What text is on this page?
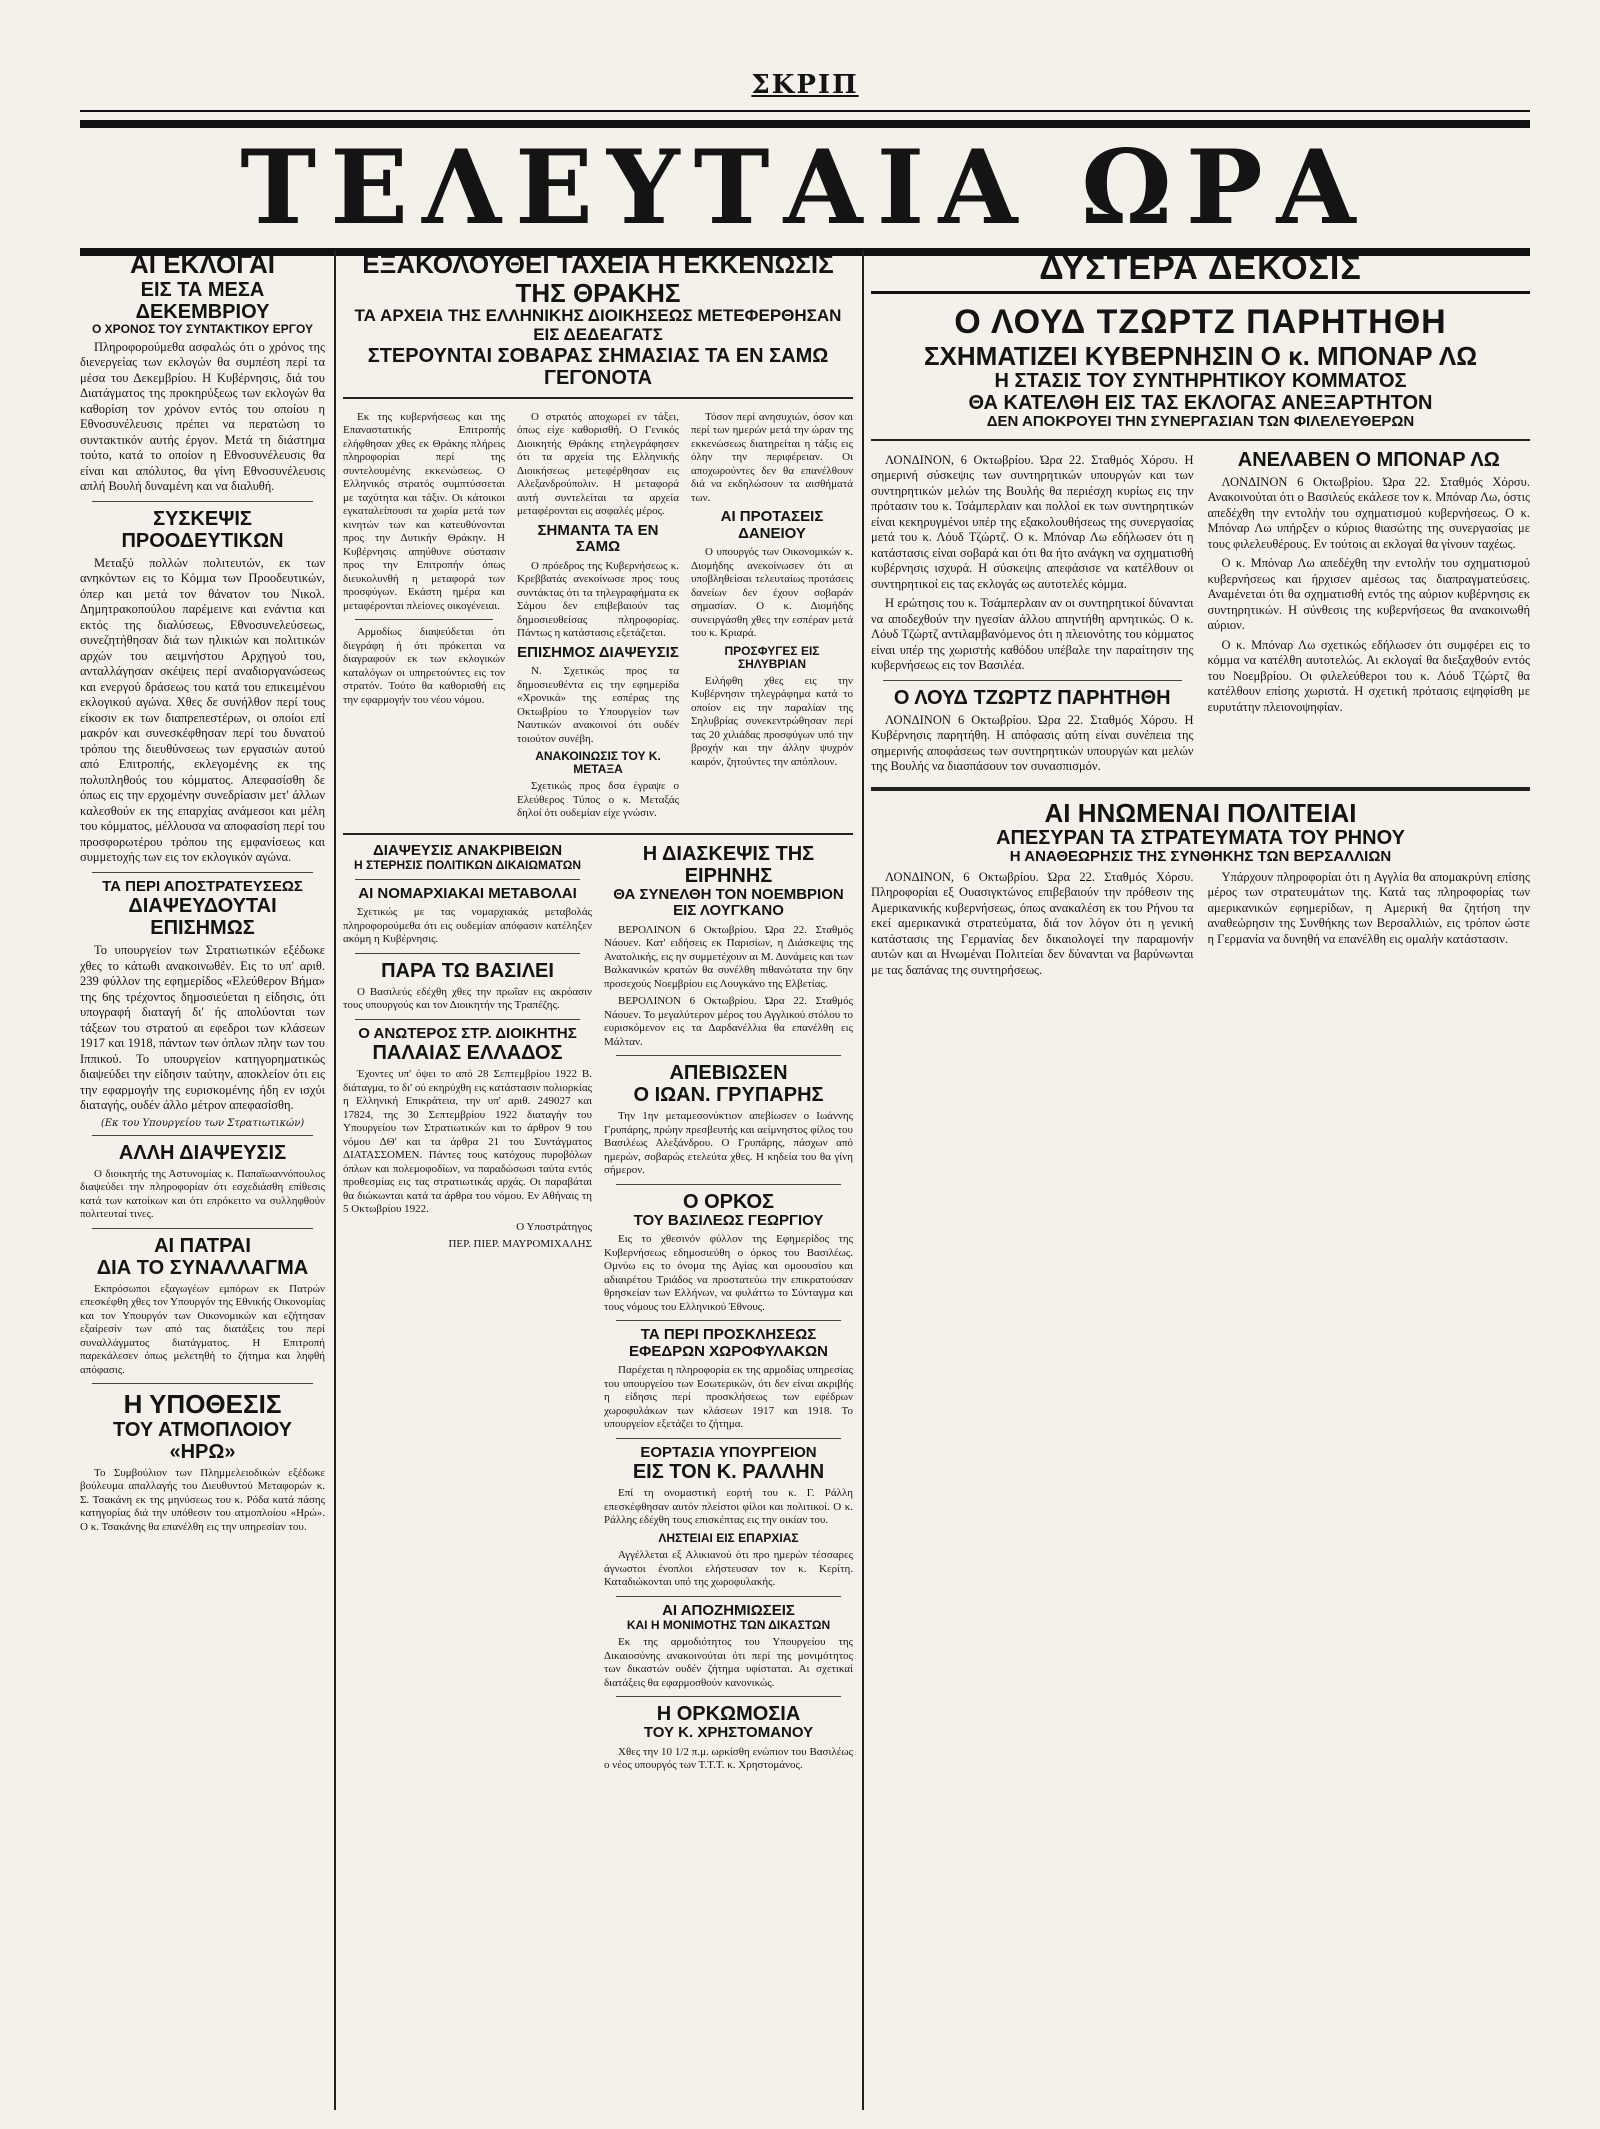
ΣΚΡΙΠ
ΤΕΛΕΥΤΑΙΑ ΩΡΑ
ΑΙ ΕΚΛΟΓΑΙ
ΕΙΣ ΤΑ ΜΕΣΑ ΔΕΚΕΜΒΡΙΟΥ
Ο ΧΡΟΝΟΣ ΤΟΥ ΣΥΝΤΑΚΤΙΚΟΥ ΕΡΓΟΥ

Πληροφορούμεθα ασφαλώς ότι ο χρόνος της διενεργείας των εκλογών θα συμπέση περί τα μέσα του Δεκεμβρίου. Η Κυβέρνησις, διά του Διατάγματος της προκηρύξεως των εκλογών θα καθορίση τον χρόνον εντός του οποίου η Εθνοσυνέλευσις πρέπει να περατώση το συντακτικόν αυτής έργον. Μετά τη διάστημα τούτο, κατά το οποίον η Εθνοσυνέλευσις θα είναι και απόλυτος, θα γίνη Εθνοσυνέλευσις απλή Βουλή δυναμένη και να διαλυθή.

ΣΥΣΚΕΨΙΣ ΠΡΟΟΔΕΥΤΙΚΩΝ

Μεταξύ πολλών πολιτευτών, εκ των ανηκόντων εις το Κόμμα των Προοδευτικών, όπερ και μετά τον θάνατον του Νικολ. Δημητρακοπούλου παρέμεινε και ενάντια και εκτός της διαλύσεως, Εθνοσυνελεύσεως, συνεζητήθησαν διά των ηλικιών και πολιτικών αρχών του αειμνήστου Αρχηγού του, ανταλλάγησαν σκέψεις περί αναδιοργανώσεως και ενεργού δράσεως του κατά του επικειμένου εκλογικού αγώνα. Χθες δε συνήλθον περί τους είκοσιν εκ των διαπρεπεστέρων, οι οποίοι επί μακρόν και συνεσκέφθησαν περί του δυνατού τρόπου της διευθύνσεως των εργασιών αυτού από Επιτροπής, εκλεγομένης εκ της πολυπληθούς του κόμματος. Απεφασίσθη δε όπως εις την ερχομένην συνεδρίασιν μετ' άλλων καλεσθούν εκ της επαρχίας ανάμεσοι και μέλη του κόμματος, μέλλουσα να αποφασίση περί του προσφορωτέρου τρόπου της εμφανίσεως και συμμετοχής των εις τον εκλογικόν αγώνα.

ΤΑ ΠΕΡΙ ΑΠΟΣΤΡΑΤΕΥΣΕΩΣ
ΔΙΑΨΕΥΔΟΥΤΑΙ ΕΠΙΣΗΜΩΣ

Το υπουργείον των Στρατιωτικών εξέδωκε χθες το κάτωθι ανακοινωθέν. Εις το υπ' αριθ. 239 φύλλον της εφημερίδος «Ελεύθερον Βήμα» της 6ης τρέχοντος δημοσιεύεται η είδησις, ότι υπογραφή διαταγή δι' ής απολύονται των τάξεων του στρατού αι εφεδροι των κλάσεων 1917 και 1918, πάντων των όπλων πλην των του Ιππικού. Το υπουργείον κατηγορηματικώς διαψεύδει την είδησιν ταύτην, αποκλείον ότι εις την εφαρμογήν της ευρισκομένης ήδη εν ισχύι διαταγής, ουδέν άλλο μέτρον απεφασίσθη.

(Εκ του Υπουργείου των Στρατιωτικών)

ΑΛΛΗ ΔΙΑΨΕΥΣΙΣ

Ο διοικητής της Αστυνομίας κ. Παπαϊωαννόπουλος διαψεύδει την πληροφορίαν ότι εσχεδιάσθη επίθεσις κατά των κατοίκων και ότι επρόκειτο να συλληφθούν πολιτευταί τινες.

ΑΙ ΠΑΤΡΑΙ
ΔΙΑ ΤΟ ΣΥΝΑΛΛΑΓΜΑ

Εκπρόσωποι εξαγωγέων εμπόρων εκ Πατρών επεσκέφθη χθες τον Υπουργόν της Εθνικής Οικονομίας και τον Υπουργόν των Οικονομικών και εζήτησαν εξαίρεσίν των από τας διατάξεις του περί συναλλάγματος διατάγματος. Η Επιτροπή παρεκάλεσεν όπως μελετηθή το ζήτημα και ληφθή απόφασις.

Η ΥΠΟΘΕΣΙΣ
ΤΟΥ ΑΤΜΟΠΛΟΙΟΥ «ΗΡΩ»

Το Συμβούλιον των Πλημμελειοδικών εξέδωκε βούλευμα απαλλαγής του Διευθυντού Μεταφορών κ. Σ. Τσακάνη εκ της μηνύσεως του κ. Ρόδα κατά πάσης κατηγορίας διά την υπόθεσιν του ατμοπλοίου «Ηρώ». Ο κ. Τσακάνης θα επανέλθη εις την υπηρεσίαν του.

ΕΞΑΚΟΛΟΥΘΕΙ ΤΑΧΕΙΑ Η ΕΚΚΕΝΩΣΙΣ ΤΗΣ ΘΡΑΚΗΣ
ΤΑ ΑΡΧΕΙΑ ΤΗΣ ΕΛΛΗΝΙΚΗΣ ΔΙΟΙΚΗΣΕΩΣ ΜΕΤΕΦΕΡΘΗΣΑΝ ΕΙΣ ΔΕΔΕΑΓΑΤΣ
ΣΤΕΡΟΥΝΤΑΙ ΣΟΒΑΡΑΣ ΣΗΜΑΣΙΑΣ ΤΑ ΕΝ ΣΑΜΩ ΓΕΓΟΝΟΤΑ

Εκ της κυβερνήσεως και της Επαναστατικής Επιτροπής ελήφθησαν χθες εκ Θράκης πλήρεις πληροφορίαι περί της συντελουμένης εκκενώσεως. Ο Ελληνικός στρατός συμπτύσσεται με ταχύτητα και τάξιν. Οι κάτοικοι εγκαταλείπουσι τα χωρία μετά των κινητών των και κατευθύνονται προς την Δυτικήν Θράκην. Η Κυβέρνησις απηύθυνε σύστασιν προς την Επιτροπήν όπως διευκολυνθή η μεταφορά των προσφύγων. Εκάστη ημέρα και μεταφέρονται πλείονες οικογένειαι.

Αρμοδίως διαψεύδεται ότι διεγράφη ή ότι πρόκειται να διαγραφούν εκ των εκλογικών καταλόγων οι υπηρετούντες εις τον στρατόν. Τούτο θα καθορισθή εις την εφαρμογήν του νέου νόμου.

Ο στρατός αποχωρεί εν τάξει, όπως είχε καθορισθή. Ο Γενικός Διοικητής Θράκης ετηλεγράφησεν ότι τα αρχεία της Ελληνικής Διοικήσεως μετεφέρθησαν εις Αλεξανδρούπολιν. Η μεταφορά αυτή συντελείται τα αρχεία μεταφέρονται εις ασφαλές μέρος.

ΣΗΜΑΝΤΑ ΤΑ ΕΝ ΣΑΜΩ

Ο πρόεδρος της Κυβερνήσεως κ. Κρεββατάς ανεκοίνωσε προς τους συντάκτας ότι τα τηλεγραφήματα εκ Σάμου δεν επιβεβαιούν τας δημοσιευθείσας πληροφορίας. Πάντως η κατάστασις εξετάζεται.

ΕΠΙΣΗΜΟΣ ΔΙΑΨΕΥΣΙΣ

Ν. Σχετικώς προς τα δημοσιευθέντα εις την εφημερίδα «Χρονικά» της εσπέρας της Οκτωβρίου το Υπουργείον των Ναυτικών ανακοινοί ότι ουδέν τοιούτον συνέβη.

ΑΝΑΚΟΙΝΩΣΙΣ ΤΟΥ Κ. ΜΕΤΑΞΑ

Σχετικώς προς δσα έγραψε ο Ελεύθερος Τύπος ο κ. Μεταξάς δηλοί ότι ουδεμίαν είχε γνώσιν.

Τόσον περί ανησυχιών, όσον και περί των ημερών μετά την ώραν της εκκενώσεως διατηρείται η τάξις εις όλην την περιφέρειαν. Οι αποχωρούντες δεν θα επανέλθουν διά να εκδηλώσουν τα αισθήματά των.

ΑΙ ΠΡΟΤΑΣΕΙΣ ΔΑΝΕΙΟΥ

Ο υπουργός των Οικονομικών κ. Διομήδης ανεκοίνωσεν ότι αι υποβληθείσαι τελευταίως προτάσεις δανείων δεν έχουν σοβαράν σημασίαν. Ο κ. Διομήδης συνειργάσθη χθες την εσπέραν μετά του κ. Κριαρά.

ΠΡΟΣΦΥΓΕΣ ΕΙΣ ΣΗΛΥΒΡΙΑΝ

Ειλήφθη χθες εις την Κυβέρνησιν τηλεγράφημα κατά το οποίον εις την παραλίαν της Σηλυβρίας συνεκεντρώθησαν περί τας 20 χιλιάδας προσφύγων υπό την βροχήν και την άλλην ψυχρόν καιρόν, ζητούντες την απόπλουν.

ΔΙΑΨΕΥΣΙΣ ΑΝΑΚΡΙΒΕΙΩΝ
Η ΣΤΕΡΗΣΙΣ ΠΟΛΙΤΙΚΩΝ ΔΙΚΑΙΩΜΑΤΩΝ
ΑΙ ΝΟΜΑΡΧΙΑΚΑΙ ΜΕΤΑΒΟΛΑΙ

Σχετικώς με τας νομαρχιακάς μεταβολάς πληροφορούμεθα ότι εις ουδεμίαν απόφασιν κατέληξεν ακόμη η Κυβέρνησις.

ΠΑΡΑ ΤΩ ΒΑΣΙΛΕΙ

Ο Βασιλεύς εδέχθη χθες την πρωΐαν εις ακρόασιν τους υπουργούς και τον Διοικητήν της Τραπέζης.

Ο ΑΝΩΤΕΡΟΣ ΣΤΡ. ΔΙΟΙΚΗΤΗΣ
ΠΑΛΑΙΑΣ ΕΛΛΑΔΟΣ

Έχοντες υπ' όψει το από 28 Σεπτεμβρίου 1922 Β. διάταγμα, το δι' ού εκηρύχθη εις κατάστασιν πολιορκίας η Ελληνική Επικράτεια, την υπ' αριθ. 249027 και 17824, της 30 Σεπτεμβρίου 1922 διαταγήν του Υπουργείου των Στρατιωτικών και το άρθρον 9 του νόμου ΔΘ' και τα άρθρα 21 του Συντάγματος ΔΙΑΤΑΣΣΟΜΕΝ. Πάντες τους κατόχους πυροβόλων όπλων και πολεμοφοδίων, να παραδώσωσι ταύτα εντός προθεσμίας εις τας στρατιωτικάς αρχάς. Οι παραβάται θα διώκωνται κατά τα άρθρα του νόμου. Εν Αθήναις τη 5 Οκτωβρίου 1922.

Ο Υποστράτηγος

ΠΕΡ. ΠΙΕΡ. ΜΑΥΡΟΜΙΧΑΛΗΣ

Η ΔΙΑΣΚΕΨΙΣ ΤΗΣ ΕΙΡΗΝΗΣ
ΘΑ ΣΥΝΕΛΘΗ ΤΟΝ ΝΟΕΜΒΡΙΟΝ ΕΙΣ ΛΟΥΓΚΑΝΟ

ΒΕΡΟΛΙΝΟΝ 6 Οκτωβρίου. Ώρα 22. Σταθμός Νάουεν. Κατ' ειδήσεις εκ Παρισίων, η Διάσκεψις της Ανατολικής, εις ην συμμετέχουν αι Μ. Δυνάμεις και των Βαλκανικών κρατών θα συνέλθη πιθανώτατα την 6ην προσεχούς Νοεμβρίου εις Λουγκάνο της Ελβετίας.

ΒΕΡΟΛΙΝΟΝ 6 Οκτωβρίου. Ώρα 22. Σταθμός Νάουεν. Το μεγαλύτερον μέρος του Αγγλικού στόλου το ευρισκόμενον εις τα Δαρδανέλλια θα επανέλθη εις Μάλταν.

ΑΠΕΒΙΩΣΕΝ
Ο ΙΩΑΝ. ΓΡΥΠΑΡΗΣ

Την 1ην μεταμεσονύκτιον απεβίωσεν ο Ιωάννης Γρυπάρης, πρώην πρεσβευτής και αείμνηστος φίλος του Βασιλέως Αλεξάνδρου. Ο Γρυπάρης, πάσχων από ημερών, σοβαρώς ετελεύτα χθες. Η κηδεία του θα γίνη σήμερον.

Ο ΟΡΚΟΣ
ΤΟΥ ΒΑΣΙΛΕΩΣ ΓΕΩΡΓΙΟΥ

Εις το χθεσινόν φύλλον της Εφημερίδος της Κυβερνήσεως εδημοσιεύθη ο όρκος του Βασιλέως. Ομνύω εις το όνομα της Αγίας και ομοουσίου και αδιαιρέτου Τριάδος να προστατεύω την επικρατούσαν θρησκείαν των Ελλήνων, να φυλάττω το Σύνταγμα και τους νόμους του Ελληνικού Έθνους.

ΤΑ ΠΕΡΙ ΠΡΟΣΚΛΗΣΕΩΣ
ΕΦΕΔΡΩΝ ΧΩΡΟΦΥΛΑΚΩΝ

Παρέχεται η πληροφορία εκ της αρμοδίας υπηρεσίας του υπουργείου των Εσωτερικών, ότι δεν είναι ακριβής η είδησις περί προσκλήσεως των εφέδρων χωροφυλάκων των κλάσεων 1917 και 1918. Το υπουργείον εξετάζει το ζήτημα.

ΕΟΡΤΑΣΙΑ ΥΠΟΥΡΓΕΙΟΝ
ΕΙΣ ΤΟΝ Κ. ΡΑΛΛΗΝ

Επί τη ονομαστική εορτή του κ. Γ. Ράλλη επεσκέφθησαν αυτόν πλείστοι φίλοι και πολιτικοί. Ο κ. Ράλλης εδέχθη τους επισκέπτας εις την οικίαν του.

ΛΗΣΤΕΙΑΙ ΕΙΣ ΕΠΑΡΧΙΑΣ

Αγγέλλεται εξ Αλικιανού ότι προ ημερών τέσσαρες άγνωστοι ένοπλοι ελήστευσαν τον κ. Κερίτη. Καταδιώκονται υπό της χωροφυλακής.

ΑΙ ΑΠΟΖΗΜΙΩΣΕΙΣ
ΚΑΙ Η ΜΟΝΙΜΟΤΗΣ ΤΩΝ ΔΙΚΑΣΤΩΝ

Εκ της αρμοδιότητος του Υπουργείου της Δικαιοσύνης ανακοινούται ότι περί της μονιμότητος των δικαστών ουδέν ζήτημα υφίσταται. Αι σχετικαί διατάξεις θα εφαρμοσθούν κανονικώς.

Η ΟΡΚΩΜΟΣΙΑ
ΤΟΥ Κ. ΧΡΗΣΤΟΜΑΝΟΥ

Χθες την 10 1/2 π.μ. ωρκίσθη ενώπιον του Βασιλέως ο νέος υπουργός των Τ.Τ.Τ. κ. Χρηστομάνος.

ΔΥΣΤΕΡΑ ΔΕΚΟΣΙΣ
Ο ΛΟΥΔ ΤΖΩΡΤΖ ΠΑΡΗΤΗΘΗ
ΣΧΗΜΑΤΙΖΕΙ ΚΥΒΕΡΝΗΣΙΝ Ο κ. ΜΠΟΝΑΡ ΛΩ
Η ΣΤΑΣΙΣ ΤΟΥ ΣΥΝΤΗΡΗΤΙΚΟΥ ΚΟΜΜΑΤΟΣ
ΘΑ ΚΑΤΕΛΘΗ ΕΙΣ ΤΑΣ ΕΚΛΟΓΑΣ ΑΝΕΞΑΡΤΗΤΟΝ
ΔΕΝ ΑΠΟΚΡΟΥΕΙ ΤΗΝ ΣΥΝΕΡΓΑΣΙΑΝ ΤΩΝ ΦΙΛΕΛΕΥΘΕΡΩΝ

ΛΟΝΔΙΝΟΝ, 6 Οκτωβρίου. Ώρα 22. Σταθμός Χόρσυ. Η σημερινή σύσκεψις των συντηρητικών υπουργών και των συντηρητικών μελών της Βουλής θα περιέσχη κυρίως εις την πρότασιν του κ. Τσάμπερλαιν και πολλοί εκ των συντηρητικών είναι κεκηρυγμένοι υπέρ της εξακολουθήσεως της συνεργασίας μετά του κ. Λόυδ Τζώρτζ. Ο κ. Μπόναρ Λω εδήλωσεν ότι η κατάστασις είναι σοβαρά και ότι θα ήτο ανάγκη να σχηματισθή κυβέρνησις ισχυρά. Η σύσκεψις απεφάσισε να κατέλθουν οι συντηρητικοί εις τας εκλογάς ως αυτοτελές κόμμα.

Η ερώτησις του κ. Τσάμπερλαιν αν οι συντηρητικοί δύνανται να αποδεχθούν την ηγεσίαν άλλου απηντήθη αρνητικώς. Ο κ. Λόυδ Τζώρτζ αντιλαμβανόμενος ότι η πλειονότης του κόμματος είναι υπέρ της χωριστής καθόδου υπέβαλε την παραίτησιν της κυβερνήσεως εις τον Βασιλέα.

Ο ΛΟΥΔ ΤΖΩΡΤΖ ΠΑΡΗΤΗΘΗ

ΛΟΝΔΙΝΟΝ 6 Οκτωβρίου. Ώρα 22. Σταθμός Χόρσυ. Η Κυβέρνησις παρητήθη. Η απόφασις αύτη είναι συνέπεια της σημερινής αποφάσεως των συντηρητικών υπουργών και μελών της Βουλής να διασπάσουν τον συνασπισμόν.

ΑΝΕΛΑΒΕΝ Ο ΜΠΟΝΑΡ ΛΩ

ΛΟΝΔΙΝΟΝ 6 Οκτωβρίου. Ώρα 22. Σταθμός Χόρσυ. Ανακοινούται ότι ο Βασιλεύς εκάλεσε τον κ. Μπόναρ Λω, όστις απεδέχθη την εντολήν του σχηματισμού κυβερνήσεως. Ο κ. Μπόναρ Λω υπήρξεν ο κύριος θιασώτης της συνεργασίας με τους φιλελευθέρους. Εν τούτοις αι εκλογαί θα γίνουν ταχέως.

Ο κ. Μπόναρ Λω απεδέχθη την εντολήν του σχηματισμού κυβερνήσεως και ήρχισεν αμέσως τας διαπραγματεύσεις. Αναμένεται ότι θα σχηματισθή εντός της αύριον κυβέρνησις εκ συντηρητικών. Η σύνθεσις της κυβερνήσεως θα ανακοινωθή αύριον.

Ο κ. Μπόναρ Λω σχετικώς εδήλωσεν ότι συμφέρει εις το κόμμα να κατέλθη αυτοτελώς. Αι εκλογαί θα διεξαχθούν εντός του Νοεμβρίου. Οι φιλελεύθεροι του κ. Λόυδ Τζώρτζ θα κατέλθουν επίσης χωριστά. Η σχετική πρότασις εψηφίσθη με ευρυτάτην πλειονοψηφίαν.

ΑΙ ΗΝΩΜΕΝΑΙ ΠΟΛΙΤΕΙΑΙ
ΑΠΕΣΥΡΑΝ ΤΑ ΣΤΡΑΤΕΥΜΑΤΑ ΤΟΥ ΡΗΝΟΥ
Η ΑΝΑΘΕΩΡΗΣΙΣ ΤΗΣ ΣΥΝΘΗΚΗΣ ΤΩΝ ΒΕΡΣΑΛΛΙΩΝ

ΛΟΝΔΙΝΟΝ, 6 Οκτωβρίου. Ώρα 22. Σταθμός Χόρσυ. Πληροφορίαι εξ Ουασιγκτώνος επιβεβαιούν την πρόθεσιν της Αμερικανικής κυβερνήσεως, όπως ανακαλέση εκ του Ρήνου τα εκεί αμερικανικά στρατεύματα, διά τον λόγον ότι η γενική κατάστασις της Γερμανίας δεν δικαιολογεί την παραμονήν αυτών και αι Ηνωμέναι Πολιτείαι δεν δύνανται να βαρύνωνται με τας δαπάνας της συντηρήσεως.

Υπάρχουν πληροφορίαι ότι η Αγγλία θα απομακρύνη επίσης μέρος των στρατευμάτων της. Κατά τας πληροφορίας των αμερικανικών εφημερίδων, η Αμερική θα ζητήση την αναθεώρησιν της Συνθήκης των Βερσαλλιών, εις τρόπον ώστε η Γερμανία να δυνηθή να επανέλθη εις ομαλήν κατάστασιν.
